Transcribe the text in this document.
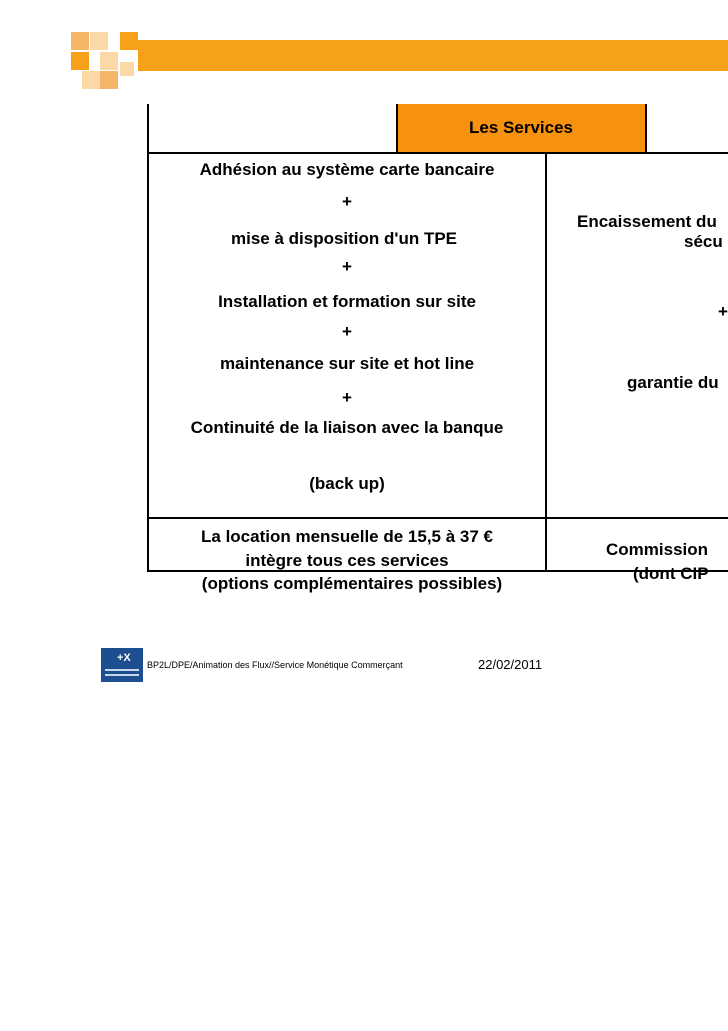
Les Services
Adhésion au système carte bancaire
+
mise à disposition d'un TPE
+
Installation et formation sur site
+
maintenance sur site et hot line
+
Continuité de la liaison avec la banque
(back up)
La location mensuelle de 15,5 à 37 €
intègre tous ces services
(options complémentaires possibles)
Encaissement du
sécu
+
garantie du
Commission
(dont CIP
+X
BP2L/DPE/Animation des Flux//Service Monétique Commerçant	22/02/2011
